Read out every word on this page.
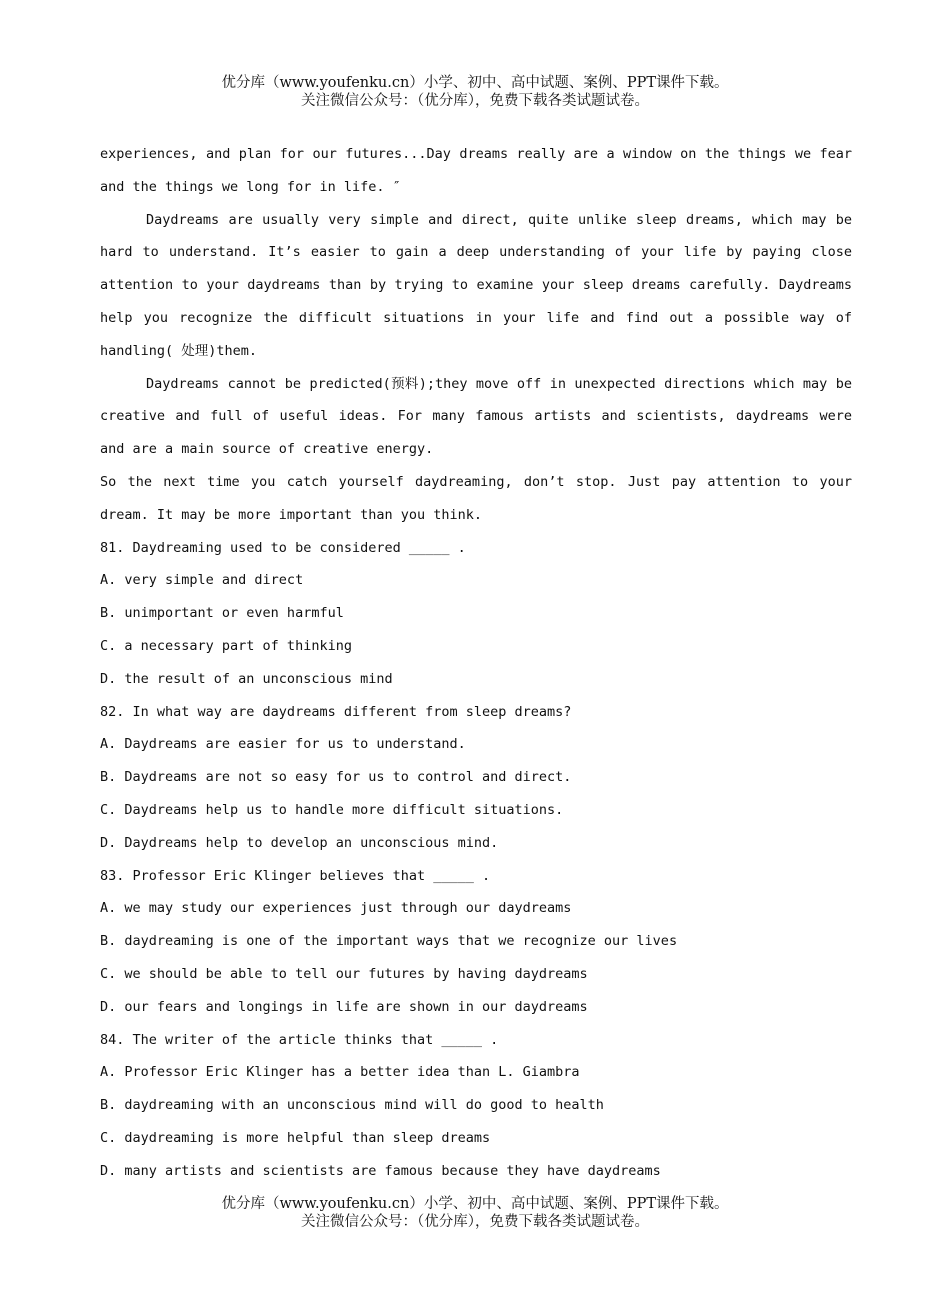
优分库（www.youfenku.cn）小学、初中、高中试题、案例、PPT课件下载。
关注微信公众号：（优分库），免费下载各类试题试卷。

experiences, and plan for our futures...Day dreams really are a window on the things we fear and the things we long for in life. ″

Daydreams are usually very simple and direct, quite unlike sleep dreams, which may be hard to understand. It’s easier to gain a deep understanding of your life by paying close attention to your daydreams than by trying to examine your sleep dreams carefully. Daydreams help you recognize the difficult situations in your life and find out a possible way of handling( 处理)them.

Daydreams cannot be predicted(预料);they move off in unexpected directions which may be creative and full of useful ideas. For many famous artists and scientists, daydreams were and are a main source of creative energy.

So the next time you catch yourself daydreaming, don’t stop. Just pay attention to your dream. It may be more important than you think.

81. Daydreaming used to be considered _____ .

A. very simple and direct

B. unimportant or even harmful

C. a necessary part of thinking

D. the result of an unconscious mind

82. In what way are daydreams different from sleep dreams?

A. Daydreams are easier for us to understand.

B. Daydreams are not so easy for us to control and direct.

C. Daydreams help us to handle more difficult situations.

D. Daydreams help to develop an unconscious mind.

83. Professor Eric Klinger believes that _____ .

A. we may study our experiences just through our daydreams

B. daydreaming is one of the important ways that we recognize our lives

C. we should be able to tell our futures by having daydreams

D. our fears and longings in life are shown in our daydreams

84. The writer of the article thinks that _____ .

A. Professor Eric Klinger has a better idea than L. Giambra

B. daydreaming with an unconscious mind will do good to health

C. daydreaming is more helpful than sleep dreams

D. many artists and scientists are famous because they have daydreams

优分库（www.youfenku.cn）小学、初中、高中试题、案例、PPT课件下载。
关注微信公众号：（优分库），免费下载各类试题试卷。
